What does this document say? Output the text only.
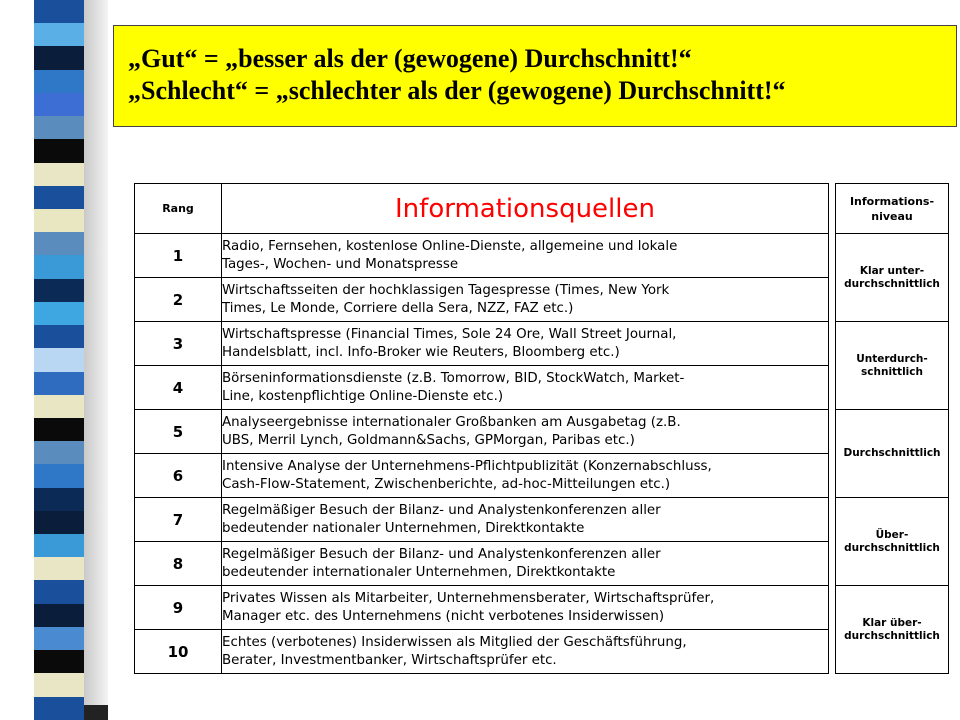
„Gut“ = „besser als der (gewogene) Durchschnitt!“
„Schlecht“ = „schlechter als der (gewogene) Durchschnitt!“
Rang	Informationsquellen		Informations-
niveau
1	Radio, Fernsehen, kostenlose Online-Dienste, allgemeine und lokale
Tages-, Wochen- und Monatspresse		Klar unter-
durchschnittlich
2	Wirtschaftsseiten der hochklassigen Tagespresse (Times, New York
Times, Le Monde, Corriere della Sera, NZZ, FAZ etc.)		
3	Wirtschaftspresse (Financial Times, Sole 24 Ore, Wall Street Journal,
Handelsblatt, incl. Info-Broker wie Reuters, Bloomberg etc.)		Unterdurch-
schnittlich
4	Börseninformationsdienste (z.B. Tomorrow, BID, StockWatch, Market-
Line, kostenpflichtige Online-Dienste etc.)		
5	Analyseergebnisse internationaler Großbanken am Ausgabetag (z.B.
UBS, Merril Lynch, Goldmann&Sachs, GPMorgan, Paribas etc.)		Durchschnittlich
6	Intensive Analyse der Unternehmens-Pflichtpublizität (Konzernabschluss,
Cash-Flow-Statement, Zwischenberichte, ad-hoc-Mitteilungen etc.)		
7	Regelmäßiger Besuch der Bilanz- und Analystenkonferenzen aller
bedeutender nationaler Unternehmen, Direktkontakte		Über-
durchschnittlich
8	Regelmäßiger Besuch der Bilanz- und Analystenkonferenzen aller
bedeutender internationaler Unternehmen, Direktkontakte		
9	Privates Wissen als Mitarbeiter, Unternehmensberater, Wirtschaftsprüfer,
Manager etc. des Unternehmens (nicht verbotenes Insiderwissen)		Klar über-
durchschnittlich
10	Echtes (verbotenes) Insiderwissen als Mitglied der Geschäftsführung,
Berater, Investmentbanker, Wirtschaftsprüfer etc.		
